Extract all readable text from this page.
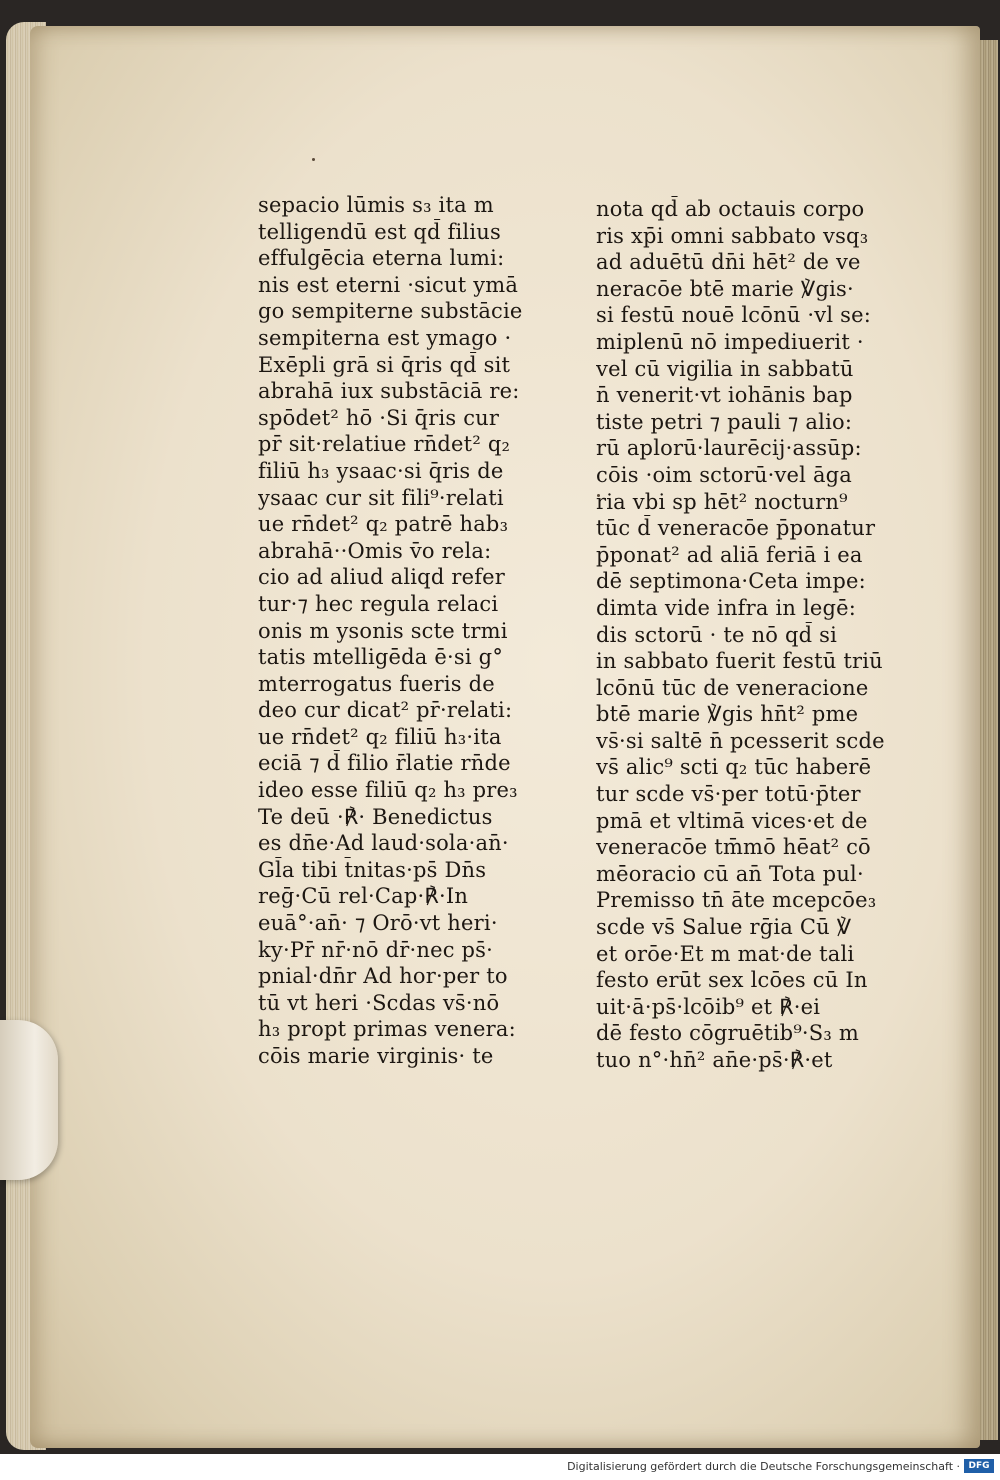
sepacio lūmis s₃ ita m
telligendū est qd̄ filius
effulgēcia eterna lumi:
nis est eterni ·sicut ymā
go sempiterne substācie
sempiterna est ymago ·
Exēpli grā si q̄ris qd̄ sit
abrahā iux substāciā re:
spōdet² hō ·Si q̄ris cur
pr̄ sit·relatiue rn̄det² q₂
filiū h₃ ysaac·si q̄ris de
ysaac cur sit fili⁹·relati
ue rn̄det² q₂ patrē hab₃
abrahā··Omis v̄o rela:
cio ad aliud aliqd refer
tur·⁊ hec regula relaci
onis m ysonis scte trmi
tatis mtelligēda ē·si g°
mterrogatus fueris de
deo cur dicat² pr̄·relati:
ue rn̄det² q₂ filiū h₃·ita
eciā ⁊ d̄ filio r̄latie rn̄de
ideo esse filiū q₂ h₃ pre₃
Te deū ·℟· Benedictus
es dn̄e·Ad laud·sola·an̄·
Gl̄a tibi t̄nitas·ps̄ Dn̄s
reḡ·Cū rel·Cap·℟·In
euā°·an̄· ⁊ Orō·vt heri·
ky·Pr̄ nr̄·nō dr̄·nec ps̄·
pnial·dn̄r Ad hor·per to
tū vt heri ·Scdas vs̄·nō
h₃ propt primas venera:
cōis marie virginis· te
nota qd̄ ab octauis corpo
ris xp̄i omni sabbato vsq₃
ad aduētū dn̄i hēt² de ve
neracōe btē marie ℣gis·
si festū nouē lcōnū ·vl se:
miplenū nō impediuerit ·
vel cū vigilia in sabbatū
n̄ venerit·vt iohānis bap
tiste petri ⁊ pauli ⁊ alio:
rū aplorū·laurēcij·assūp:
cōis ·oim sctorū·vel āga
ria vbi sp hēt² nocturn⁹
tūc d̄ veneracōe p̄ponatur
p̄ponat² ad aliā feriā i ea
dē septimona·Ceta impe:
dimta vide infra in legē:
dis sctorū · te nō qd̄ si
in sabbato fuerit festū triū
lcōnū tūc de veneracione
btē marie ℣gis hn̄t² pme
vs̄·si saltē n̄ pcesserit scde
vs̄ alic⁹ scti q₂ tūc haberē
tur scde vs̄·per totū·p̄ter
pmā et vltimā vices·et de
veneracōe tm̄mō hēat² cō
mēoracio cū an̄ Tota pul·
Premisso tn̄ āte mcepcōe₃
scde vs̄ Salue rḡia Cū ℣
et orōe·Et m mat·de tali
festo erūt sex lcōes cū In
uit·ā·ps̄·lcōib⁹ et ℟·ei
dē festo cōgruētib⁹·S₃ m
tuo n°·hn̄² an̄e·ps̄·℟·et
Digitalisierung gefördert durch die Deutsche Forschungsgemeinschaft · DFG
